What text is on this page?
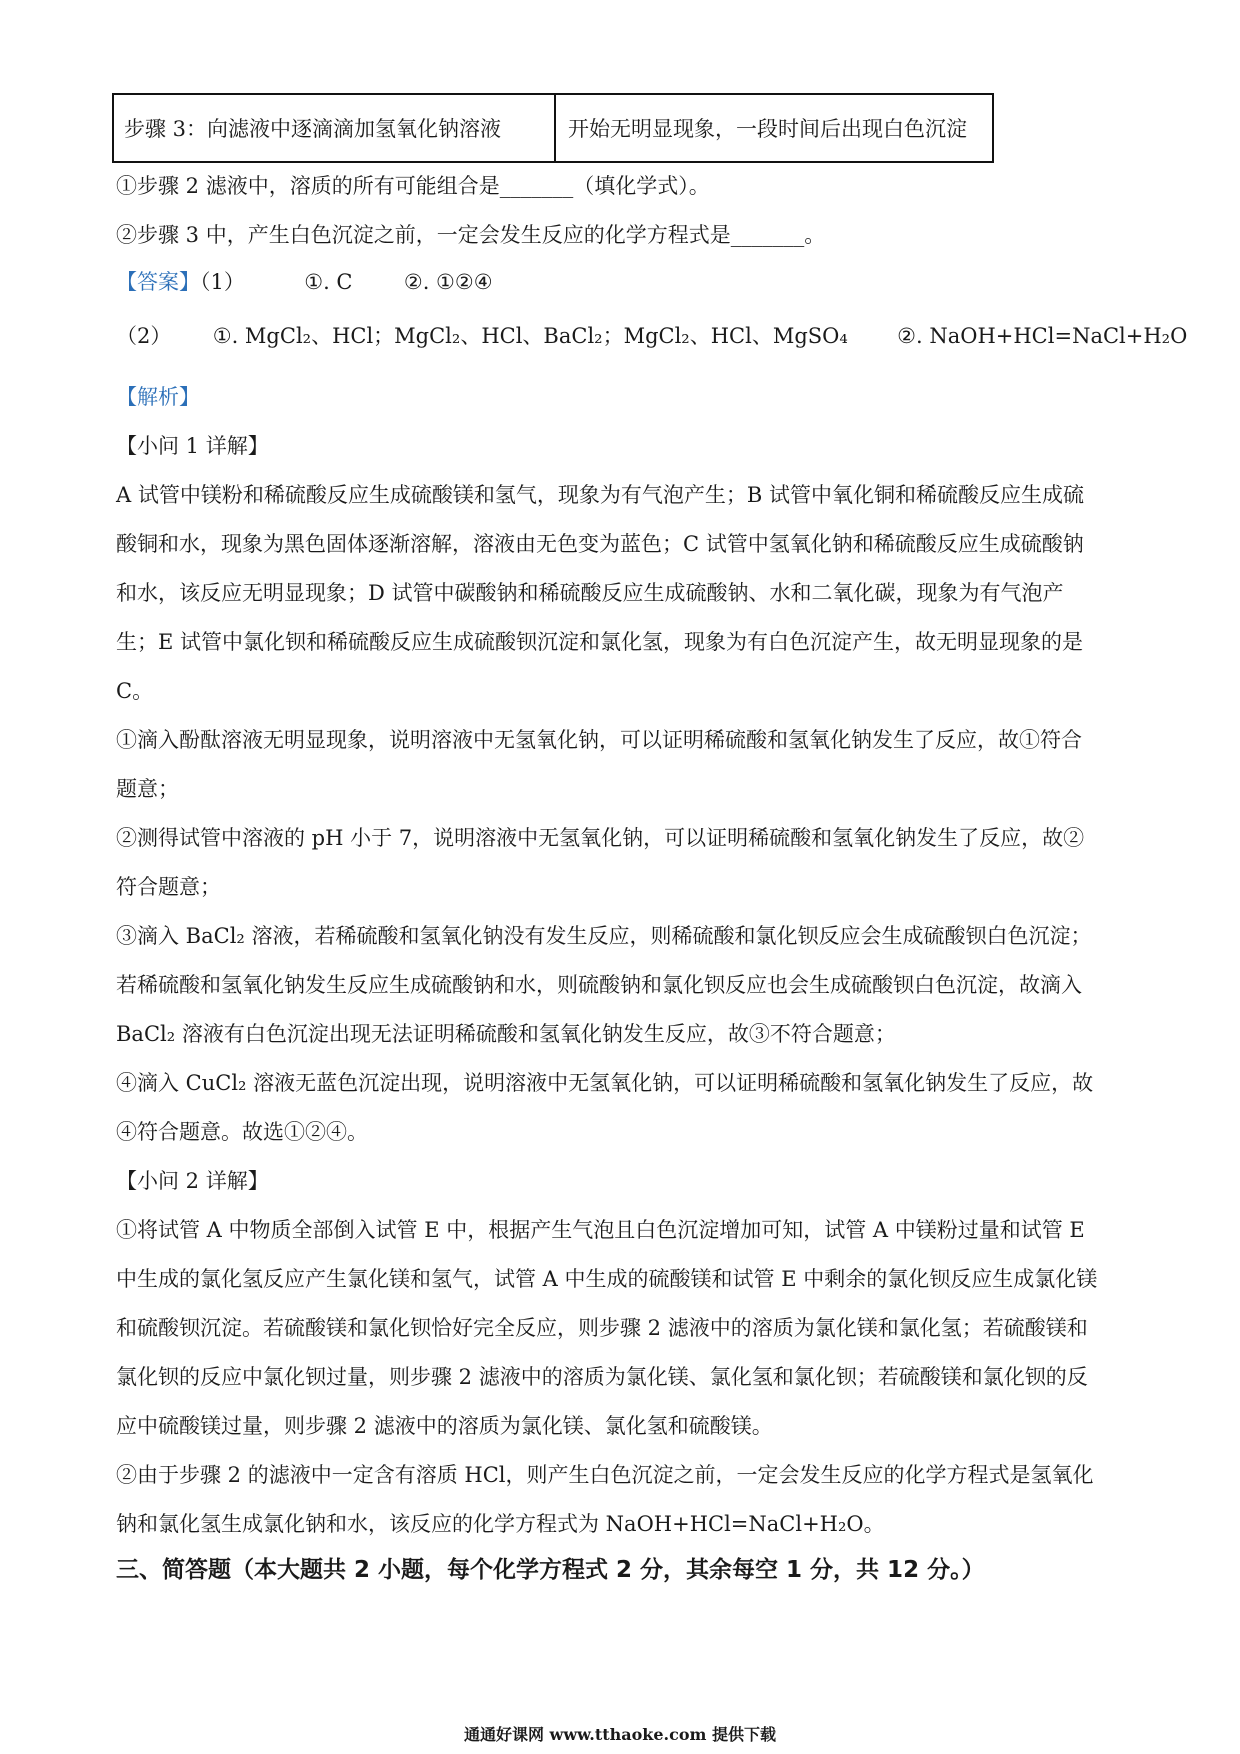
步骤 3：向滤液中逐滴滴加氢氧化钠溶液	开始无明显现象，一段时间后出现白色沉淀
①步骤 2 滤液中，溶质的所有可能组合是_______（填化学式）。
②步骤 3 中，产生白色沉淀之前，一定会发生反应的化学方程式是_______。
【答案】（1）	①. C ②. ①②④
（2） ①. MgCl₂、HCl；MgCl₂、HCl、BaCl₂；MgCl₂、HCl、MgSO₄ ②. NaOH+HCl=NaCl+H₂O
【解析】
【小问 1 详解】
A 试管中镁粉和稀硫酸反应生成硫酸镁和氢气，现象为有气泡产生；B 试管中氧化铜和稀硫酸反应生成硫
酸铜和水，现象为黑色固体逐渐溶解，溶液由无色变为蓝色；C 试管中氢氧化钠和稀硫酸反应生成硫酸钠
和水，该反应无明显现象；D 试管中碳酸钠和稀硫酸反应生成硫酸钠、水和二氧化碳，现象为有气泡产
生；E 试管中氯化钡和稀硫酸反应生成硫酸钡沉淀和氯化氢，现象为有白色沉淀产生，故无明显现象的是
C。
①滴入酚酞溶液无明显现象，说明溶液中无氢氧化钠，可以证明稀硫酸和氢氧化钠发生了反应，故①符合
题意；
②测得试管中溶液的 pH 小于 7，说明溶液中无氢氧化钠，可以证明稀硫酸和氢氧化钠发生了反应，故②
符合题意；
③滴入 BaCl₂ 溶液，若稀硫酸和氢氧化钠没有发生反应，则稀硫酸和氯化钡反应会生成硫酸钡白色沉淀；
若稀硫酸和氢氧化钠发生反应生成硫酸钠和水，则硫酸钠和氯化钡反应也会生成硫酸钡白色沉淀，故滴入
BaCl₂ 溶液有白色沉淀出现无法证明稀硫酸和氢氧化钠发生反应，故③不符合题意；
④滴入 CuCl₂ 溶液无蓝色沉淀出现，说明溶液中无氢氧化钠，可以证明稀硫酸和氢氧化钠发生了反应，故
④符合题意。故选①②④。
【小问 2 详解】
①将试管 A 中物质全部倒入试管 E 中，根据产生气泡且白色沉淀增加可知，试管 A 中镁粉过量和试管 E
中生成的氯化氢反应产生氯化镁和氢气，试管 A 中生成的硫酸镁和试管 E 中剩余的氯化钡反应生成氯化镁
和硫酸钡沉淀。若硫酸镁和氯化钡恰好完全反应，则步骤 2 滤液中的溶质为氯化镁和氯化氢；若硫酸镁和
氯化钡的反应中氯化钡过量，则步骤 2 滤液中的溶质为氯化镁、氯化氢和氯化钡；若硫酸镁和氯化钡的反
应中硫酸镁过量，则步骤 2 滤液中的溶质为氯化镁、氯化氢和硫酸镁。
②由于步骤 2 的滤液中一定含有溶质 HCl，则产生白色沉淀之前，一定会发生反应的化学方程式是氢氧化
钠和氯化氢生成氯化钠和水，该反应的化学方程式为 NaOH+HCl=NaCl+H₂O。
三、简答题（本大题共 2 小题，每个化学方程式 2 分，其余每空 1 分，共 12 分。）
通通好课网 www.tthaoke.com 提供下载
